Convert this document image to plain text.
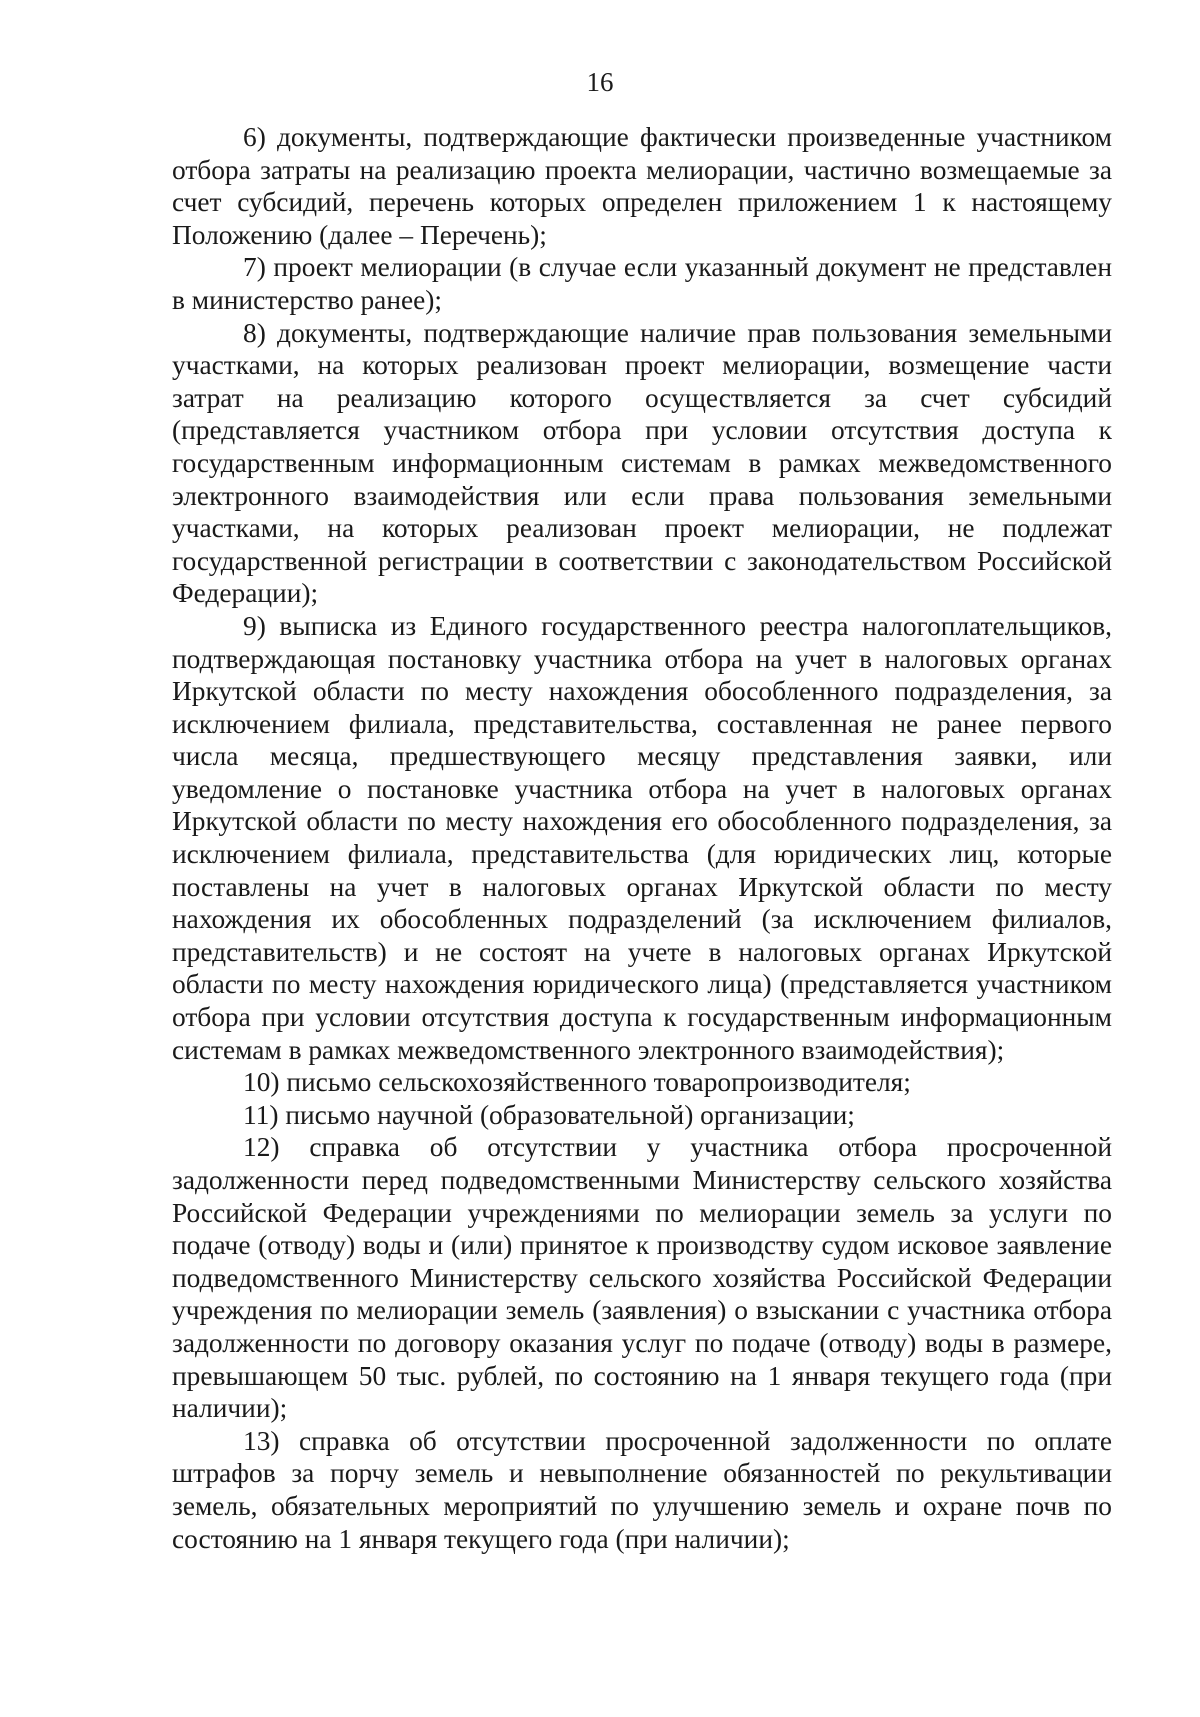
16

6) документы, подтверждающие фактически произведенные участником отбора затраты на реализацию проекта мелиорации, частично возмещаемые за счет субсидий, перечень которых определен приложением 1 к настоящему Положению (далее – Перечень);

7) проект мелиорации (в случае если указанный документ не представлен в министерство ранее);

8) документы, подтверждающие наличие прав пользования земельными участками, на которых реализован проект мелиорации, возмещение части затрат на реализацию которого осуществляется за счет субсидий (представляется участником отбора при условии отсутствия доступа к государственным информационным системам в рамках межведомственного электронного взаимодействия или если права пользования земельными участками, на которых реализован проект мелиорации, не подлежат государственной регистрации в соответствии с законодательством Российской Федерации);

9) выписка из Единого государственного реестра налогоплательщиков, подтверждающая постановку участника отбора на учет в налоговых органах Иркутской области по месту нахождения обособленного подразделения, за исключением филиала, представительства, составленная не ранее первого числа месяца, предшествующего месяцу представления заявки, или уведомление о постановке участника отбора на учет в налоговых органах Иркутской области по месту нахождения его обособленного подразделения, за исключением филиала, представительства (для юридических лиц, которые поставлены на учет в налоговых органах Иркутской области по месту нахождения их обособленных подразделений (за исключением филиалов, представительств) и не состоят на учете в налоговых органах Иркутской области по месту нахождения юридического лица) (представляется участником отбора при условии отсутствия доступа к государственным информационным системам в рамках межведомственного электронного взаимодействия);

10) письмо сельскохозяйственного товаропроизводителя;

11) письмо научной (образовательной) организации;

12) справка об отсутствии у участника отбора просроченной задолженности перед подведомственными Министерству сельского хозяйства Российской Федерации учреждениями по мелиорации земель за услуги по подаче (отводу) воды и (или) принятое к производству судом исковое заявление подведомственного Министерству сельского хозяйства Российской Федерации учреждения по мелиорации земель (заявления) о взыскании с участника отбора задолженности по договору оказания услуг по подаче (отводу) воды в размере, превышающем 50 тыс. рублей, по состоянию на 1 января текущего года (при наличии);

13) справка об отсутствии просроченной задолженности по оплате штрафов за порчу земель и невыполнение обязанностей по рекультивации земель, обязательных мероприятий по улучшению земель и охране почв по состоянию на 1 января текущего года (при наличии);
